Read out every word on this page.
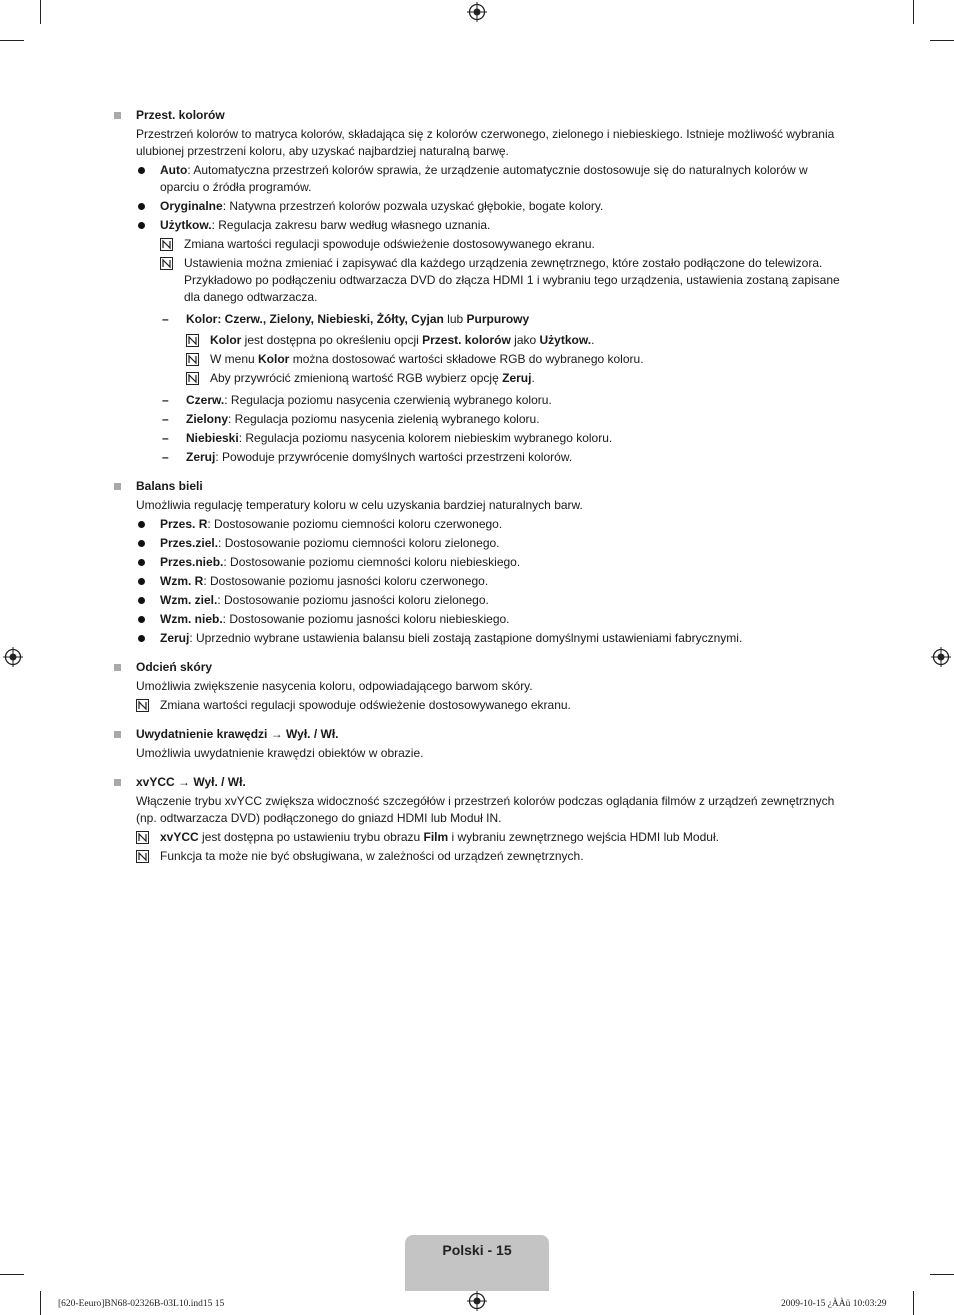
Przest. kolorów
Przestrzeń kolorów to matryca kolorów, składająca się z kolorów czerwonego, zielonego i niebieskiego. Istnieje możliwość wybrania ulubionej przestrzeni koloru, aby uzyskać najbardziej naturalną barwę.
Auto: Automatyczna przestrzeń kolorów sprawia, że urządzenie automatycznie dostosowuje się do naturalnych kolorów w oparciu o źródła programów.
Oryginalne: Natywna przestrzeń kolorów pozwala uzyskać głębokie, bogate kolory.
Użytkow.: Regulacja zakresu barw według własnego uznania.
Zmiana wartości regulacji spowoduje odświeżenie dostosowywanego ekranu.
Ustawienia można zmieniać i zapisywać dla każdego urządzenia zewnętrznego, które zostało podłączone do telewizora. Przykładowo po podłączeniu odtwarzacza DVD do złącza HDMI 1 i wybraniu tego urządzenia, ustawienia zostaną zapisane dla danego odtwarzacza.
– Kolor: Czerw., Zielony, Niebieski, Żółty, Cyjan lub Purpurowy
Kolor jest dostępna po określeniu opcji Przest. kolorów jako Użytkow..
W menu Kolor można dostosować wartości składowe RGB do wybranego koloru.
Aby przywrócić zmienioną wartość RGB wybierz opcję Zeruj.
– Czerw.: Regulacja poziomu nasycenia czerwienią wybranego koloru.
– Zielony: Regulacja poziomu nasycenia zielenią wybranego koloru.
– Niebieski: Regulacja poziomu nasycenia kolorem niebieskim wybranego koloru.
– Zeruj: Powoduje przywrócenie domyślnych wartości przestrzeni kolorów.
Balans bieli
Umożliwia regulację temperatury koloru w celu uzyskania bardziej naturalnych barw.
Przes. R: Dostosowanie poziomu ciemności koloru czerwonego.
Przes.ziel.: Dostosowanie poziomu ciemności koloru zielonego.
Przes.nieb.: Dostosowanie poziomu ciemności koloru niebieskiego.
Wzm. R: Dostosowanie poziomu jasności koloru czerwonego.
Wzm. ziel.: Dostosowanie poziomu jasności koloru zielonego.
Wzm. nieb.: Dostosowanie poziomu jasności koloru niebieskiego.
Zeruj: Uprzednio wybrane ustawienia balansu bieli zostają zastąpione domyślnymi ustawieniami fabrycznymi.
Odcień skóry
Umożliwia zwiększenie nasycenia koloru, odpowiadającego barwom skóry.
Zmiana wartości regulacji spowoduje odświeżenie dostosowywanego ekranu.
Uwydatnienie krawędzi → Wył. / Wł.
Umożliwia uwydatnienie krawędzi obiektów w obrazie.
xvYCC → Wył. / Wł.
Włączenie trybu xvYCC zwiększa widoczność szczegółów i przestrzeń kolorów podczas oglądania filmów z urządzeń zewnętrznych (np. odtwarzacza DVD) podłączonego do gniazd HDMI lub Moduł IN.
xvYCC jest dostępna po ustawieniu trybu obrazu Film i wybraniu zewnętrznego wejścia HDMI lub Moduł.
Funkcja ta może nie być obsługiwana, w zależności od urządzeń zewnętrznych.
Polski - 15
[620-Eeuro]BN68-02326B-03L10.ind15 15	2009-10-15 ¿ÀÀü 10:03:29
